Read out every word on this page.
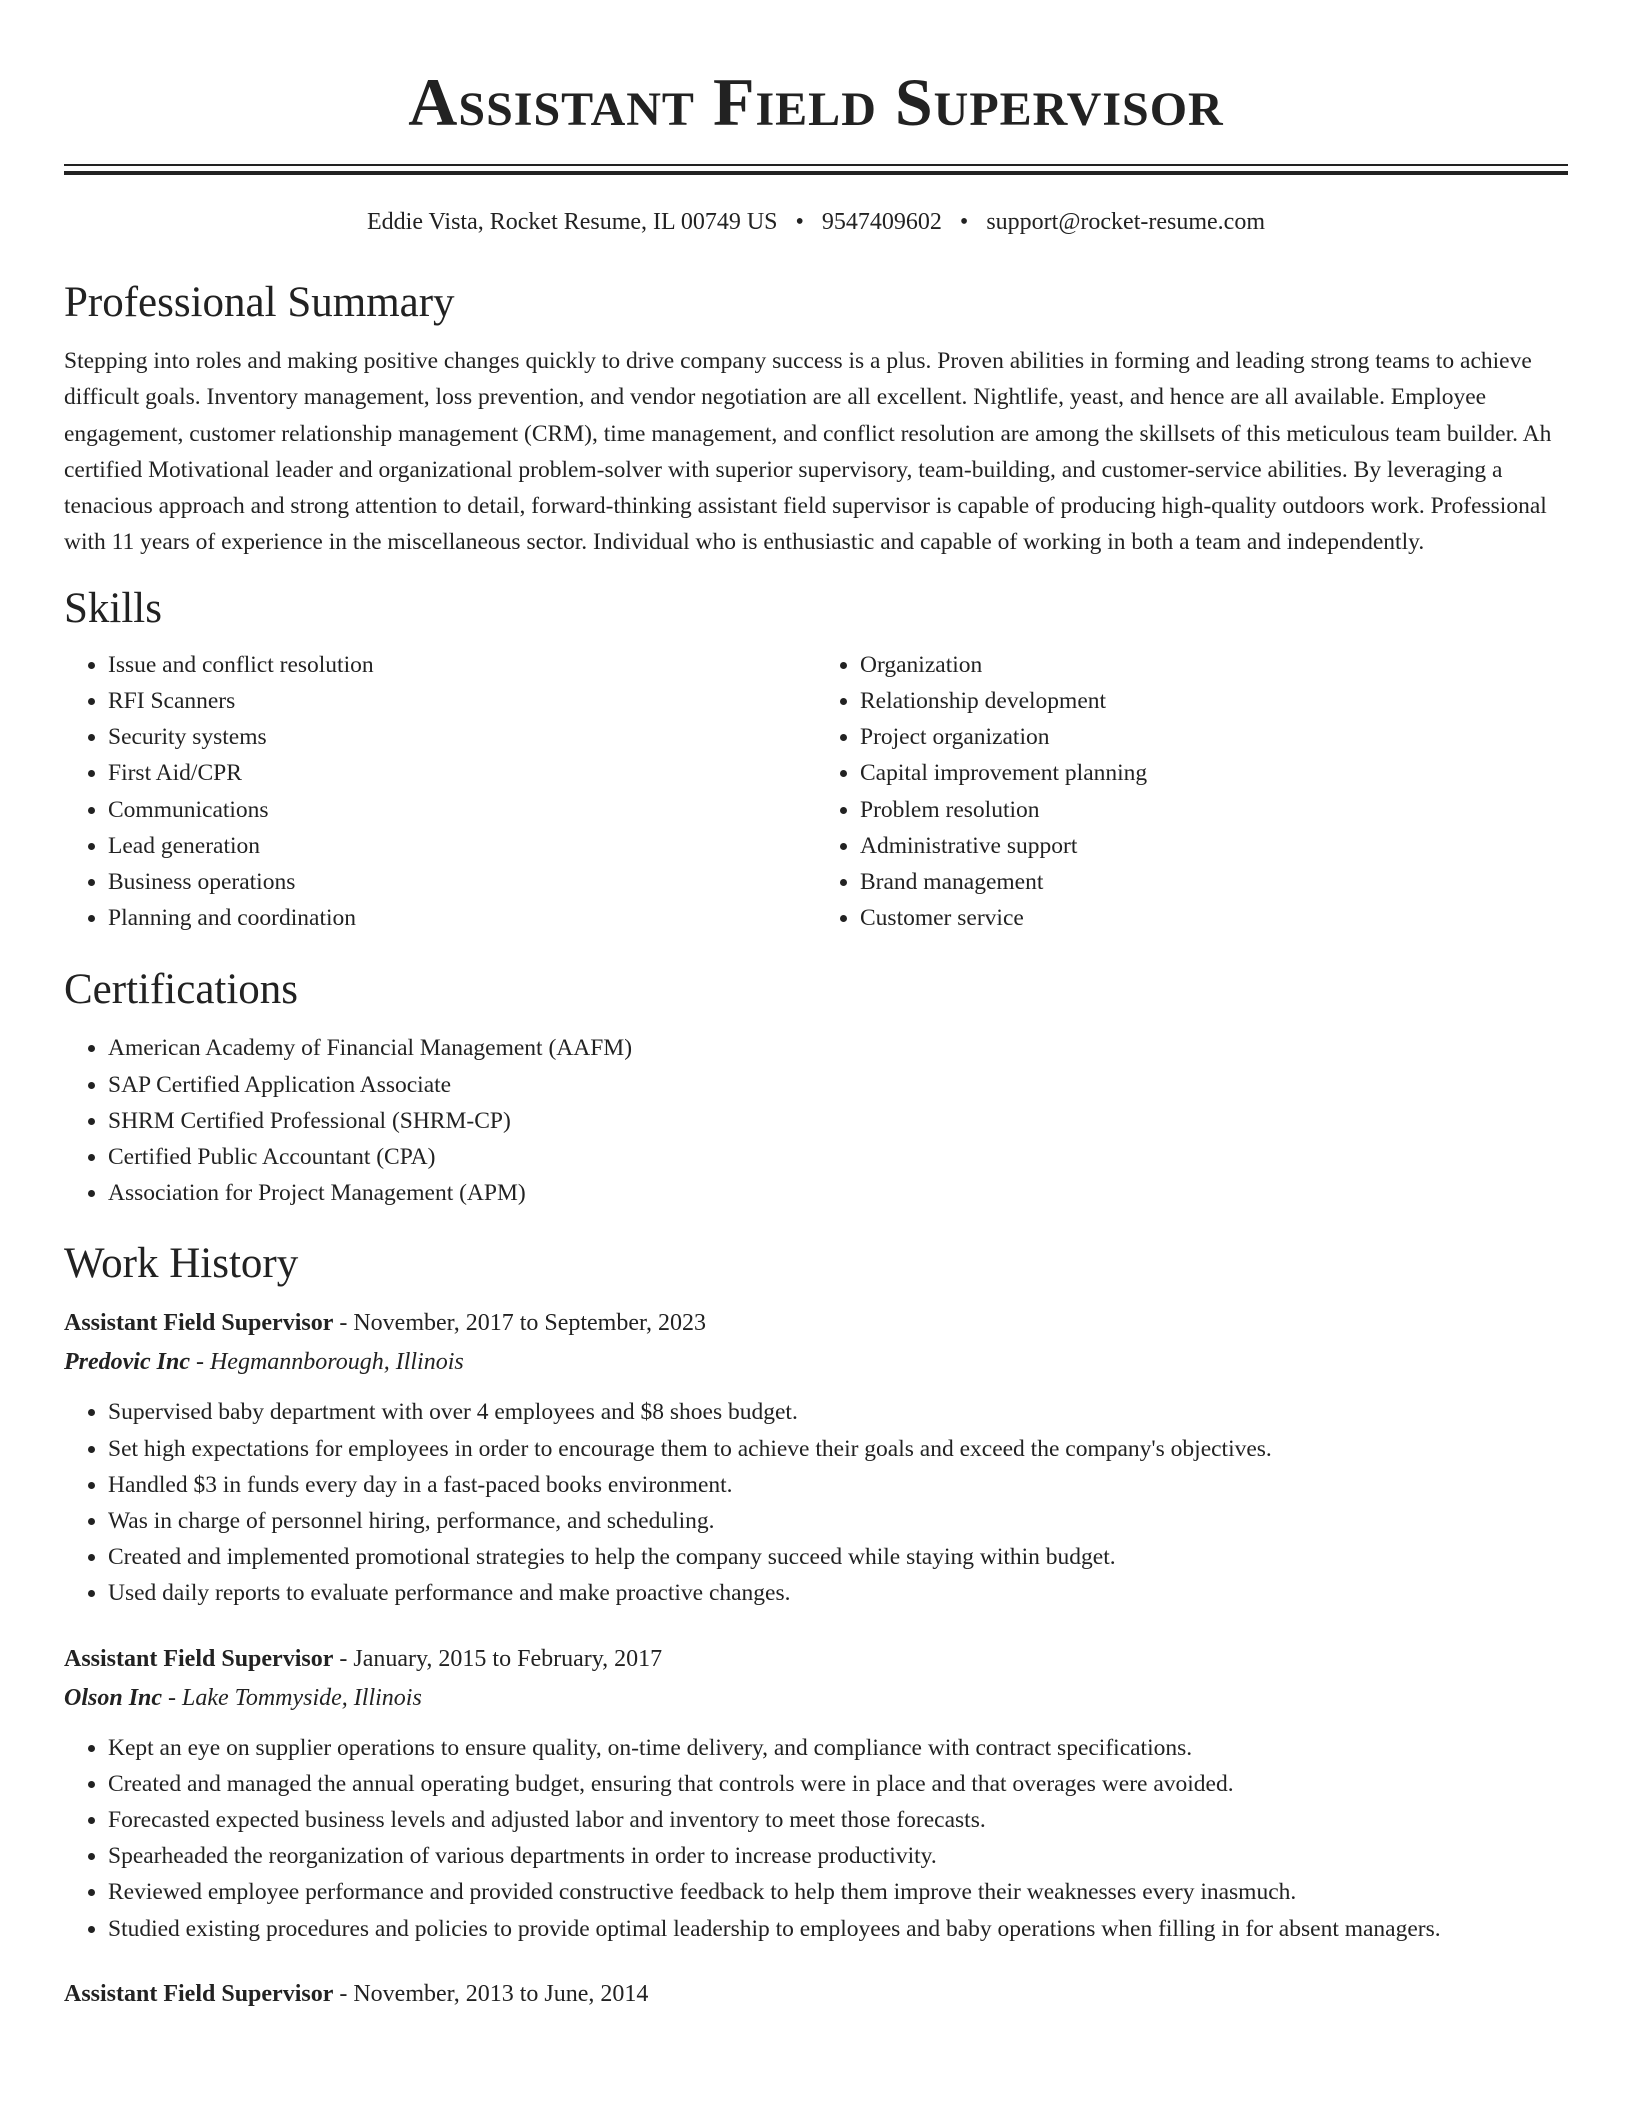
Assistant Field Supervisor
Eddie Vista, Rocket Resume, IL 00749 US • 9547409602 • support@rocket-resume.com
Professional Summary

Stepping into roles and making positive changes quickly to drive company success is a plus. Proven abilities in forming and leading strong teams to achieve difficult goals. Inventory management, loss prevention, and vendor negotiation are all excellent. Nightlife, yeast, and hence are all available. Employee engagement, customer relationship management (CRM), time management, and conflict resolution are among the skillsets of this meticulous team builder. Ah certified Motivational leader and organizational problem-solver with superior supervisory, team-building, and customer-service abilities. By leveraging a tenacious approach and strong attention to detail, forward-thinking assistant field supervisor is capable of producing high-quality outdoors work. Professional with 11 years of experience in the miscellaneous sector. Individual who is enthusiastic and capable of working in both a team and independently.

Skills
• Issue and conflict resolution
• RFI Scanners
• Security systems
• First Aid/CPR
• Communications
• Lead generation
• Business operations
• Planning and coordination
• Organization
• Relationship development
• Project organization
• Capital improvement planning
• Problem resolution
• Administrative support
• Brand management
• Customer service
Certifications
• American Academy of Financial Management (AAFM)
• SAP Certified Application Associate
• SHRM Certified Professional (SHRM-CP)
• Certified Public Accountant (CPA)
• Association for Project Management (APM)
Work History
Assistant Field Supervisor - November, 2017 to September, 2023
Predovic Inc - Hegmannborough, Illinois
• Supervised baby department with over 4 employees and $8 shoes budget.
• Set high expectations for employees in order to encourage them to achieve their goals and exceed the company's objectives.
• Handled $3 in funds every day in a fast-paced books environment.
• Was in charge of personnel hiring, performance, and scheduling.
• Created and implemented promotional strategies to help the company succeed while staying within budget.
• Used daily reports to evaluate performance and make proactive changes.
Assistant Field Supervisor - January, 2015 to February, 2017
Olson Inc - Lake Tommyside, Illinois
• Kept an eye on supplier operations to ensure quality, on-time delivery, and compliance with contract specifications.
• Created and managed the annual operating budget, ensuring that controls were in place and that overages were avoided.
• Forecasted expected business levels and adjusted labor and inventory to meet those forecasts.
• Spearheaded the reorganization of various departments in order to increase productivity.
• Reviewed employee performance and provided constructive feedback to help them improve their weaknesses every inasmuch.
• Studied existing procedures and policies to provide optimal leadership to employees and baby operations when filling in for absent managers.
Assistant Field Supervisor - November, 2013 to June, 2014
